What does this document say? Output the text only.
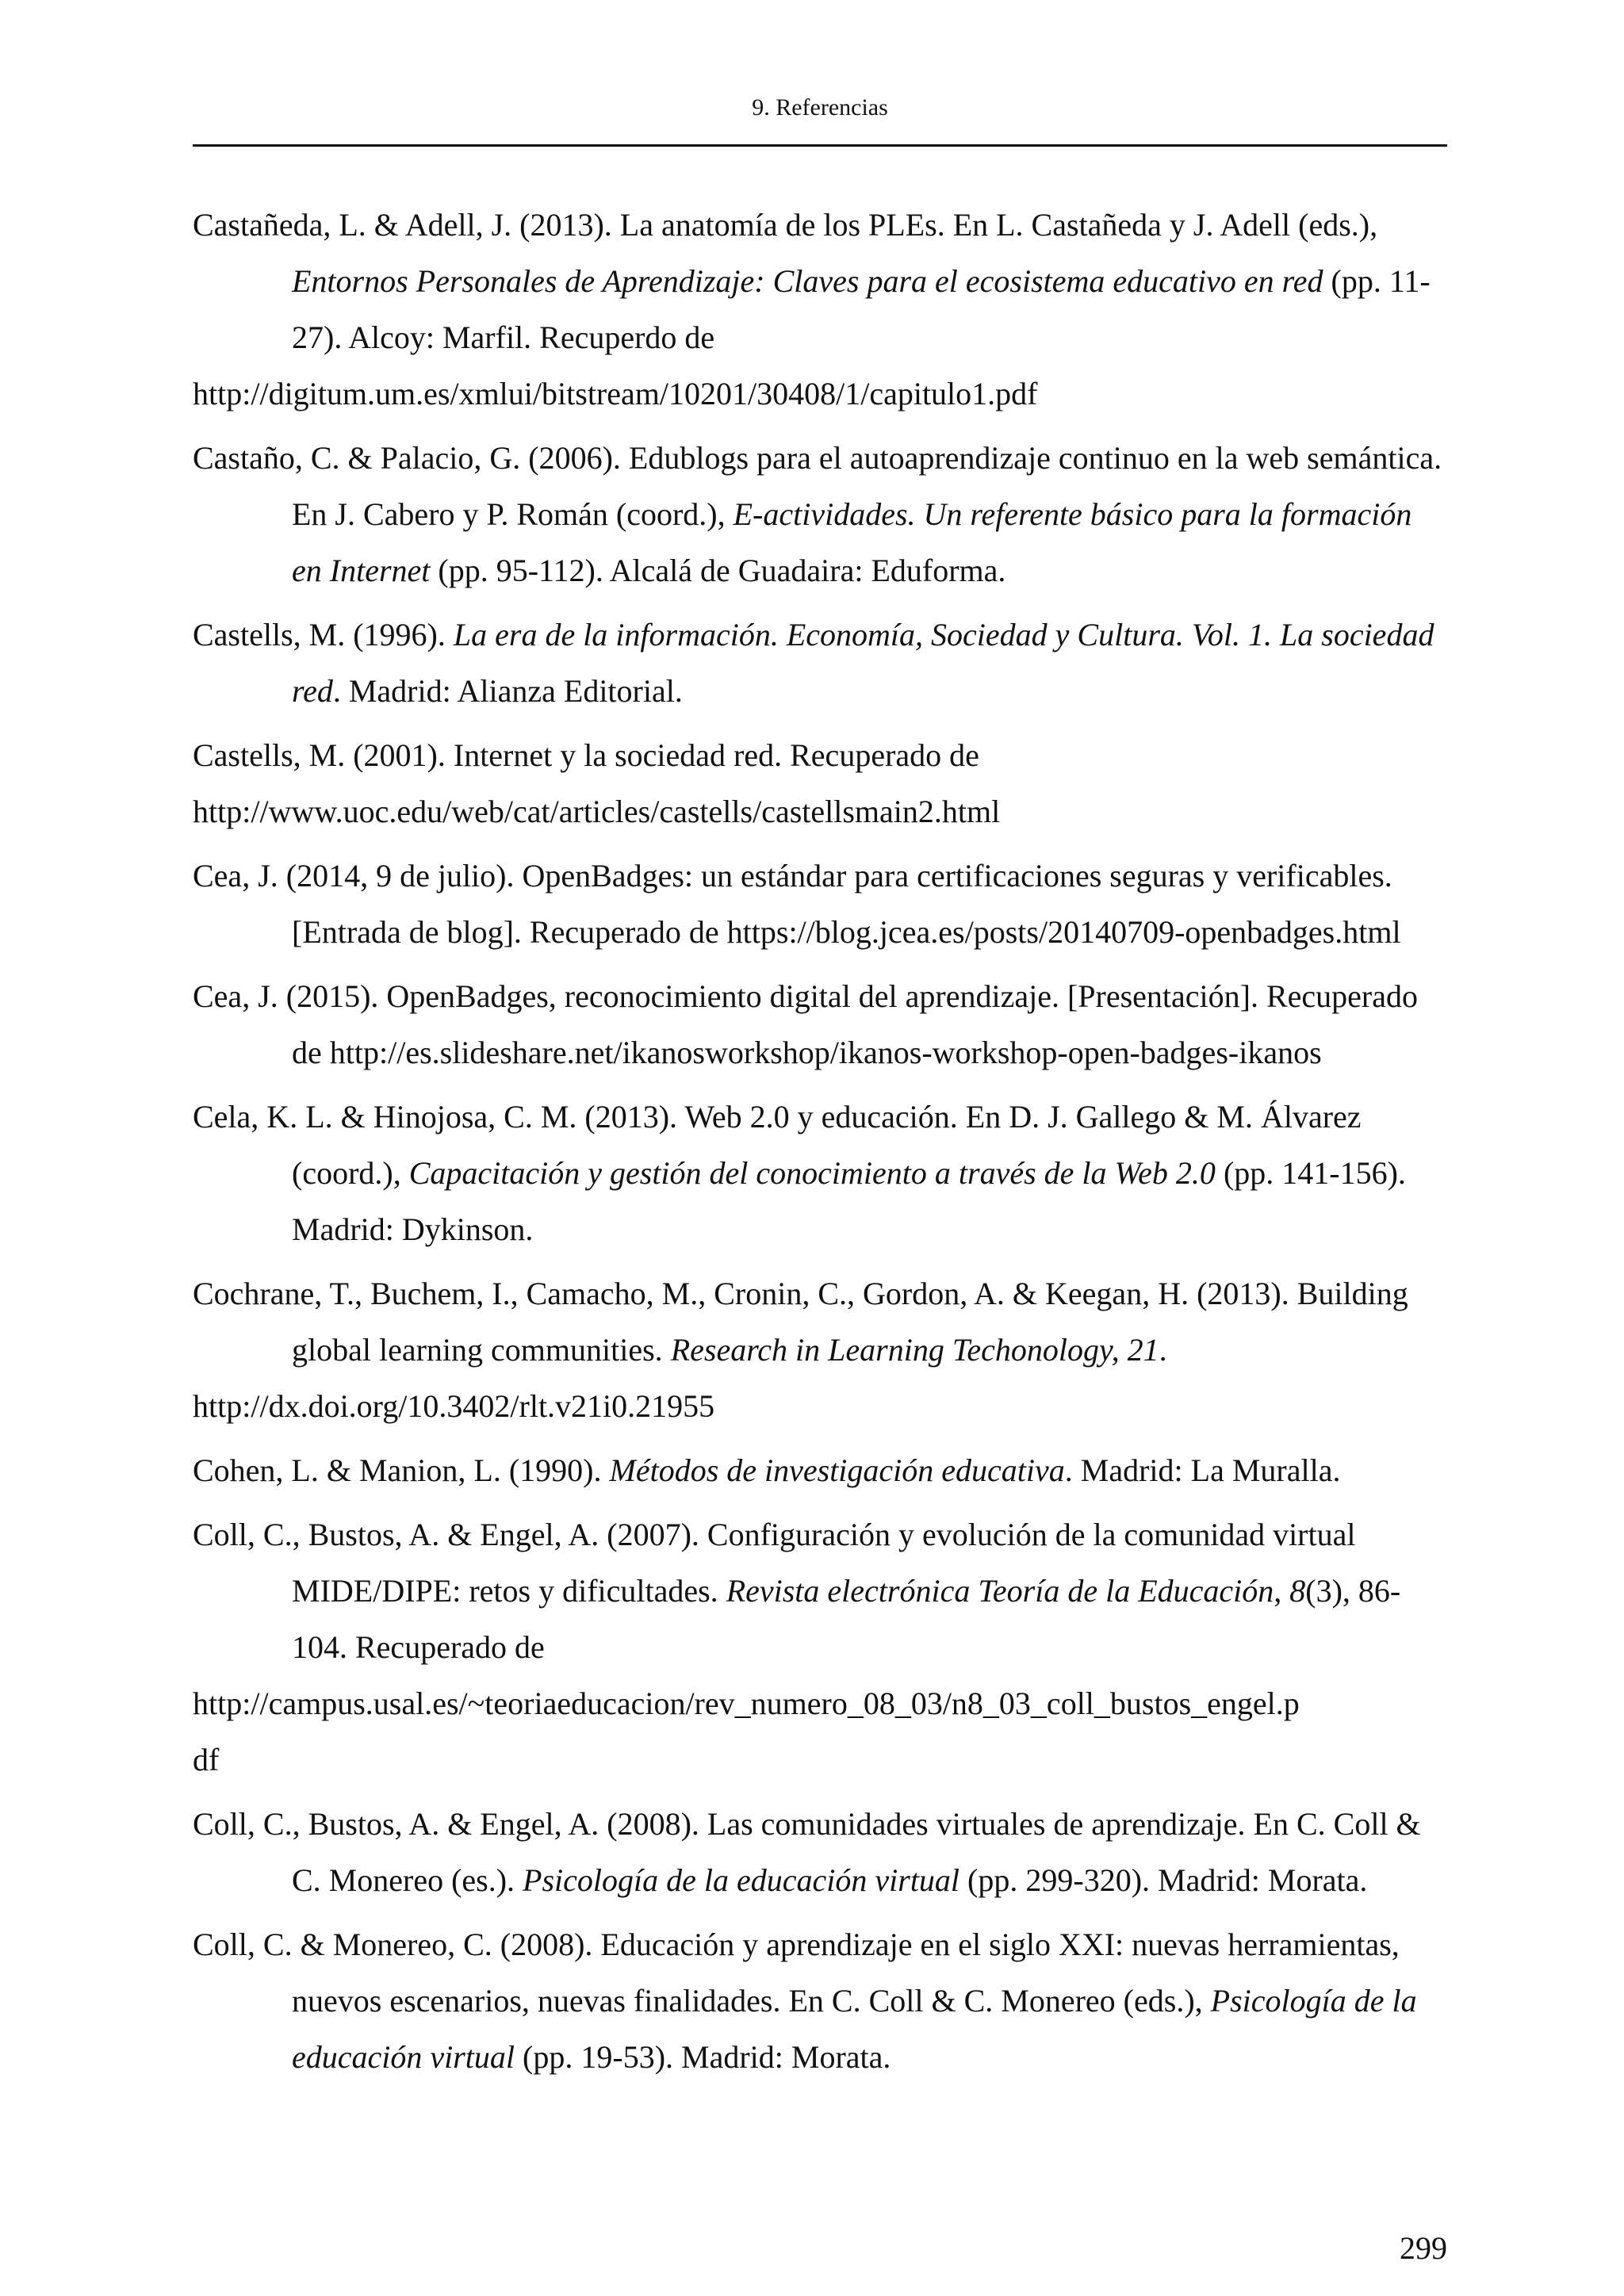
9. Referencias

Castañeda, L. & Adell, J. (2013). La anatomía de los PLEs. En L. Castañeda y J. Adell (eds.), Entornos Personales de Aprendizaje: Claves para el ecosistema educativo en red (pp. 11-27). Alcoy: Marfil. Recuperdo de
http://digitum.um.es/xmlui/bitstream/10201/30408/1/capitulo1.pdf

Castaño, C. & Palacio, G. (2006). Edublogs para el autoaprendizaje continuo en la web semántica. En J. Cabero y P. Román (coord.), E-actividades. Un referente básico para la formación en Internet (pp. 95-112). Alcalá de Guadaira: Eduforma.

Castells, M. (1996). La era de la información. Economía, Sociedad y Cultura. Vol. 1. La sociedad red. Madrid: Alianza Editorial.

Castells, M. (2001). Internet y la sociedad red. Recuperado de
http://www.uoc.edu/web/cat/articles/castells/castellsmain2.html

Cea, J. (2014, 9 de julio). OpenBadges: un estándar para certificaciones seguras y verificables. [Entrada de blog]. Recuperado de https://blog.jcea.es/posts/20140709-openbadges.html

Cea, J. (2015). OpenBadges, reconocimiento digital del aprendizaje. [Presentación]. Recuperado de http://es.slideshare.net/ikanosworkshop/ikanos-workshop-open-badges-ikanos

Cela, K. L. & Hinojosa, C. M. (2013). Web 2.0 y educación. En D. J. Gallego & M. Álvarez (coord.), Capacitación y gestión del conocimiento a través de la Web 2.0 (pp. 141-156). Madrid: Dykinson.

Cochrane, T., Buchem, I., Camacho, M., Cronin, C., Gordon, A. & Keegan, H. (2013). Building global learning communities. Research in Learning Techonology, 21.
http://dx.doi.org/10.3402/rlt.v21i0.21955

Cohen, L. & Manion, L. (1990). Métodos de investigación educativa. Madrid: La Muralla.

Coll, C., Bustos, A. & Engel, A. (2007). Configuración y evolución de la comunidad virtual MIDE/DIPE: retos y dificultades. Revista electrónica Teoría de la Educación, 8(3), 86-104. Recuperado de
http://campus.usal.es/~teoriaeducacion/rev_numero_08_03/n8_03_coll_bustos_engel.p
df

Coll, C., Bustos, A. & Engel, A. (2008). Las comunidades virtuales de aprendizaje. En C. Coll & C. Monereo (es.). Psicología de la educación virtual (pp. 299-320). Madrid: Morata.

Coll, C. & Monereo, C. (2008). Educación y aprendizaje en el siglo XXI: nuevas herramientas, nuevos escenarios, nuevas finalidades. En C. Coll & C. Monereo (eds.), Psicología de la educación virtual (pp. 19-53). Madrid: Morata.

299
